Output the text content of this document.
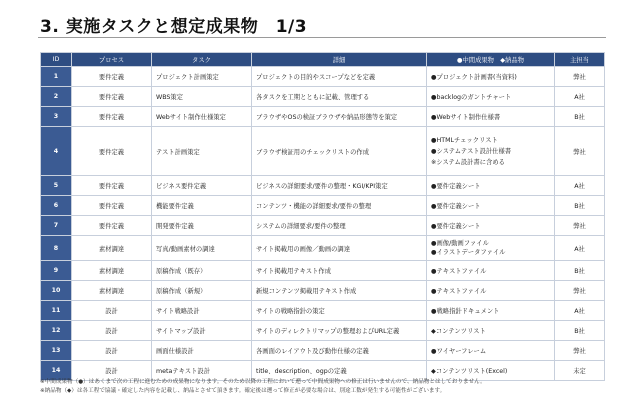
3. 実施タスクと想定成果物　1/3
ID	プロセス	タスク	詳細	●中間成果物　◆納品物	主担当
1	要件定義	プロジェクト計画策定	プロジェクトの目的やスコープなどを定義	●プロジェクト計画書(当資料)	弊社
2	要件定義	WBS策定	各タスクを工期とともに記載、管理する	●backlogのガントチャート	A社
3	要件定義	Webサイト制作仕様策定	ブラウザやOSの検証ブラウザや納品形態等を策定	●Webサイト制作仕様書	B社
4	要件定義	テスト計画策定	ブラウザ検証用のチェックリストの作成	●HTMLチェックリスト
●システムテスト設計仕様書
※システム設計書に含める	弊社
5	要件定義	ビジネス要件定義	ビジネスの詳細要求/要件の整理・KGI/KPI策定	●要件定義シート	A社
6	要件定義	機能要件定義	コンテンツ・機能の詳細要求/要件の整理	●要件定義シート	B社
7	要件定義	開発要件定義	システムの詳細要求/要件の整理	●要件定義シート	弊社
8	素材調達	写真/動画素材の調達	サイト掲載用の画像／動画の調達	●画像/動画ファイル
●イラストデータファイル	A社
9	素材調達	原稿作成（既存）	サイト掲載用テキスト作成	●テキストファイル	B社
10	素材調達	原稿作成（新規）	新規コンテンツ掲載用テキスト作成	●テキストファイル	弊社
11	設計	サイト戦略設計	サイトの戦略指針の策定	●戦略指針ドキュメント	A社
12	設計	サイトマップ設計	サイトのディレクトリマップの整理およびURL定義	◆コンテンツリスト	B社
13	設計	画面仕様設計	各画面のレイアウト及び動作仕様の定義	●ワイヤーフレーム	弊社
14	設計	metaテキスト設計	title、description、ogpの定義	◆コンテンツリスト(Excel)	未定
※中間成果物（●）はあくまで次の工程に進むための成果物になります。そのため以降の工程において遡って中間成果物への修正は行いませんので、納品物とはしておりません。
※納品物（◆）は各工程で協議・確定した内容を記載し、納品とさせて頂きます。確定後は遡って修正が必要な場合は、別途工数が発生する可能性がございます。
